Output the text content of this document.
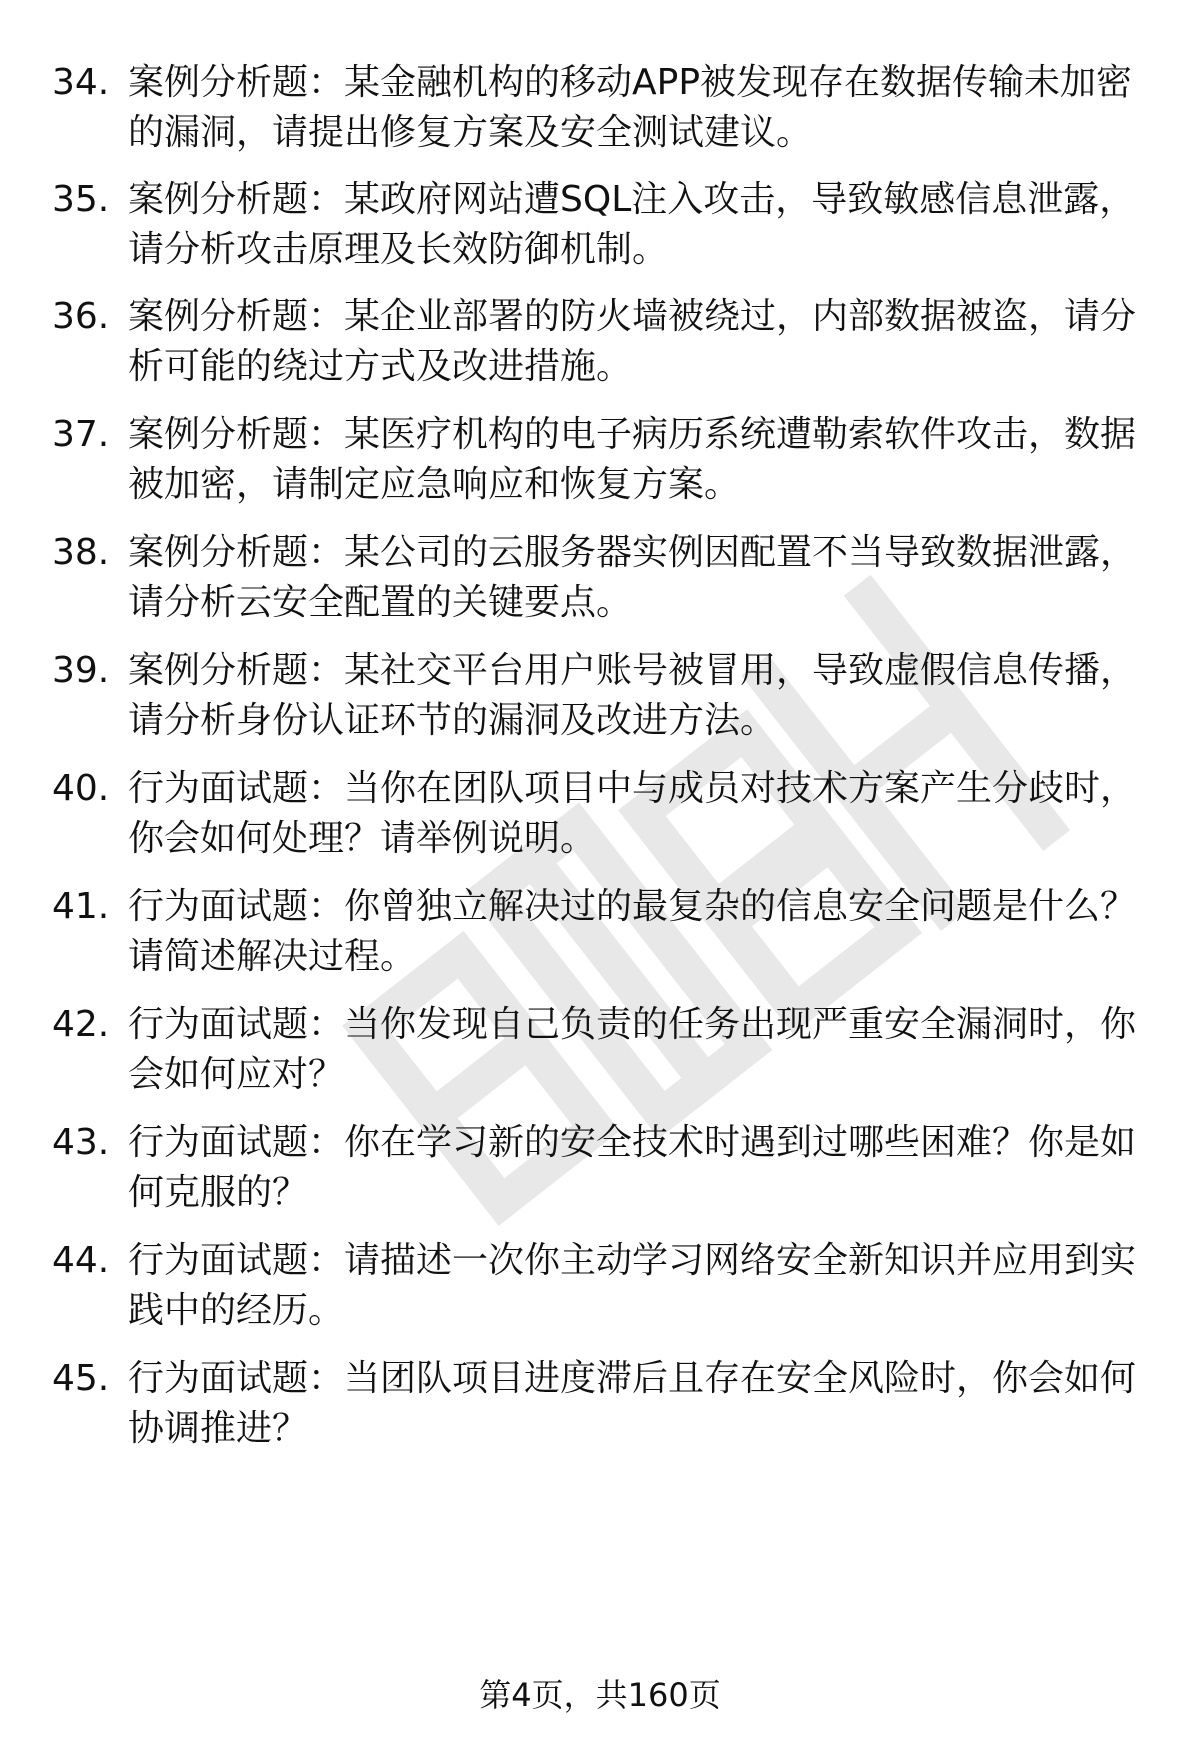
34. 案例分析题：某金融机构的移动APP被发现存在数据传输未加密的漏洞，请提出修复方案及安全测试建议。
35. 案例分析题：某政府网站遭SQL注入攻击，导致敏感信息泄露，请分析攻击原理及长效防御机制。
36. 案例分析题：某企业部署的防火墙被绕过，内部数据被盗，请分析可能的绕过方式及改进措施。
37. 案例分析题：某医疗机构的电子病历系统遭勒索软件攻击，数据被加密，请制定应急响应和恢复方案。
38. 案例分析题：某公司的云服务器实例因配置不当导致数据泄露，请分析云安全配置的关键要点。
39. 案例分析题：某社交平台用户账号被冒用，导致虚假信息传播，请分析身份认证环节的漏洞及改进方法。
40. 行为面试题：当你在团队项目中与成员对技术方案产生分歧时，你会如何处理？请举例说明。
41. 行为面试题：你曾独立解决过的最复杂的信息安全问题是什么？请简述解决过程。
42. 行为面试题：当你发现自己负责的任务出现严重安全漏洞时，你会如何应对？
43. 行为面试题：你在学习新的安全技术时遇到过哪些困难？你是如何克服的？
44. 行为面试题：请描述一次你主动学习网络安全新知识并应用到实践中的经历。
45. 行为面试题：当团队项目进度滞后且存在安全风险时，你会如何协调推进？
第4页，共160页
